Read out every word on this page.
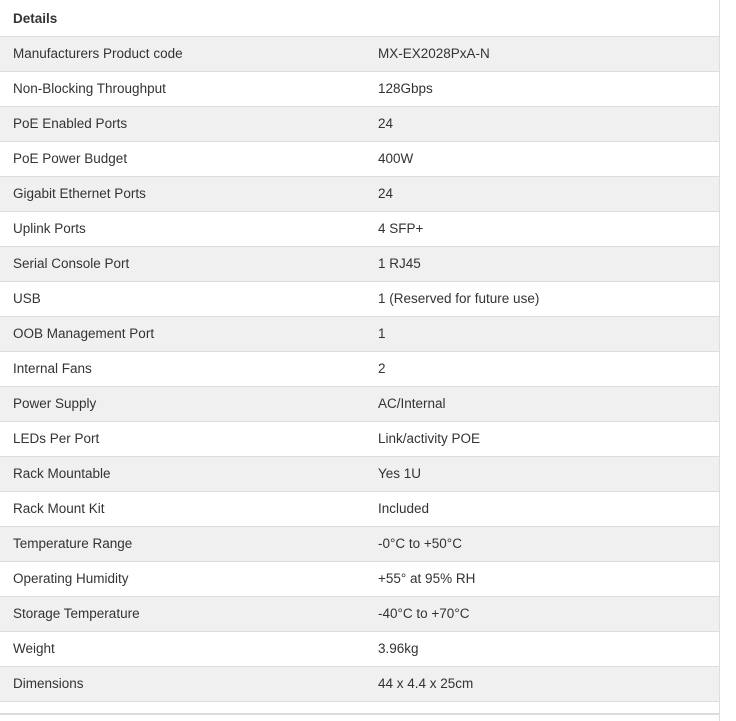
Details
Manufacturers Product code	MX-EX2028PxA-N
Non-Blocking Throughput	128Gbps
PoE Enabled Ports	24
PoE Power Budget	400W
Gigabit Ethernet Ports	24
Uplink Ports	4 SFP+
Serial Console Port	1 RJ45
USB	1 (Reserved for future use)
OOB Management Port	1
Internal Fans	2
Power Supply	AC/Internal
LEDs Per Port	Link/activity POE
Rack Mountable	Yes 1U
Rack Mount Kit	Included
Temperature Range	-0°C to +50°C
Operating Humidity	+55° at 95% RH
Storage Temperature	-40°C to +70°C
Weight	3.96kg
Dimensions	44 x 4.4 x 25cm
